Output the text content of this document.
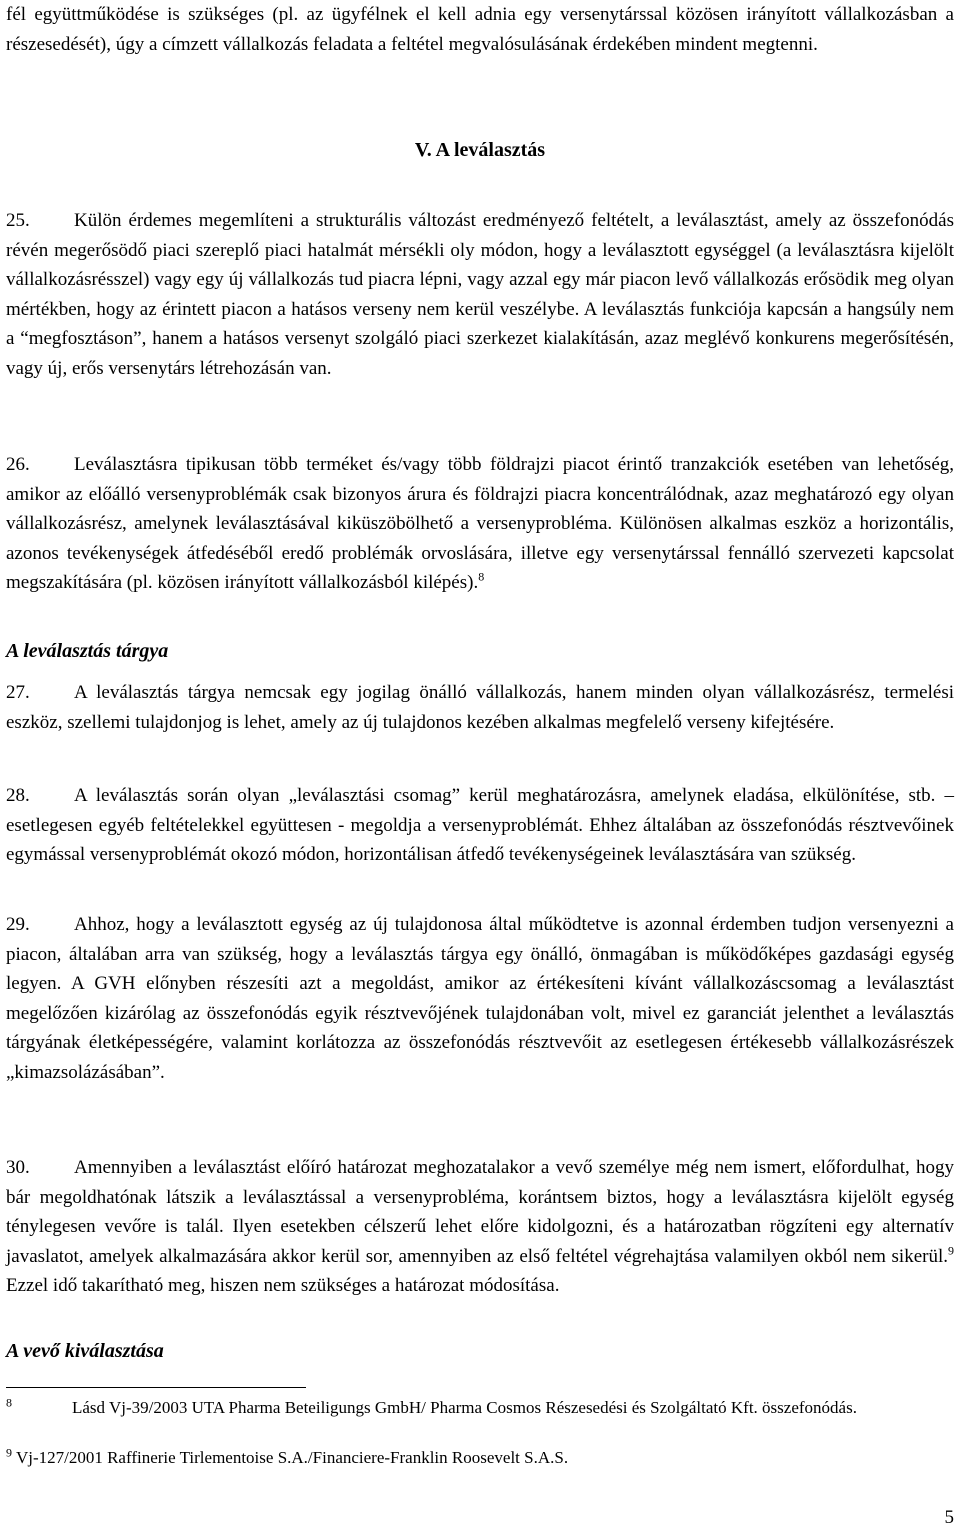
fél együttműködése is szükséges (pl. az ügyfélnek el kell adnia egy versenytárssal közösen irányított vállalkozásban a részesedését), úgy a címzett vállalkozás feladata a feltétel megvalósulásának érdekében mindent megtenni.

V. A leválasztás

25. Külön érdemes megemlíteni a strukturális változást eredményező feltételt, a leválasztást, amely az összefonódás révén megerősödő piaci szereplő piaci hatalmát mérsékli oly módon, hogy a leválasztott egységgel (a leválasztásra kijelölt vállalkozásrésszel) vagy egy új vállalkozás tud piacra lépni, vagy azzal egy már piacon levő vállalkozás erősödik meg olyan mértékben, hogy az érintett piacon a hatásos verseny nem kerül veszélybe. A leválasztás funkciója kapcsán a hangsúly nem a “megfosztáson”, hanem a hatásos versenyt szolgáló piaci szerkezet kialakításán, azaz meglévő konkurens megerősítésén, vagy új, erős versenytárs létrehozásán van.

26. Leválasztásra tipikusan több terméket és/vagy több földrajzi piacot érintő tranzakciók esetében van lehetőség, amikor az előálló versenyproblémák csak bizonyos árura és földrajzi piacra koncentrálódnak, azaz meghatározó egy olyan vállalkozásrész, amelynek leválasztásával kiküszöbölhető a versenyprobléma. Különösen alkalmas eszköz a horizontális, azonos tevékenységek átfedéséből eredő problémák orvoslására, illetve egy versenytárssal fennálló szervezeti kapcsolat megszakítására (pl. közösen irányított vállalkozásból kilépés).$^8$

A leválasztás tárgya

27. A leválasztás tárgya nemcsak egy jogilag önálló vállalkozás, hanem minden olyan vállalkozásrész, termelési eszköz, szellemi tulajdonjog is lehet, amely az új tulajdonos kezében alkalmas megfelelő verseny kifejtésére.

28. A leválasztás során olyan „leválasztási csomag” kerül meghatározásra, amelynek eladása, elkülönítése, stb. – esetlegesen egyéb feltételekkel együttesen - megoldja a versenyproblémát. Ehhez általában az összefonódás résztvevőinek egymással versenyproblémát okozó módon, horizontálisan átfedő tevékenységeinek leválasztására van szükség.

29. Ahhoz, hogy a leválasztott egység az új tulajdonosa által működtetve is azonnal érdemben tudjon versenyezni a piacon, általában arra van szükség, hogy a leválasztás tárgya egy önálló, önmagában is működőképes gazdasági egység legyen. A GVH előnyben részesíti azt a megoldást, amikor az értékesíteni kívánt vállalkozáscsomag a leválasztást megelőzően kizárólag az összefonódás egyik résztvevőjének tulajdonában volt, mivel ez garanciát jelenthet a leválasztás tárgyának életképességére, valamint korlátozza az összefonódás résztvevőit az esetlegesen értékesebb vállalkozásrészek „kimazsolázásában”.

30. Amennyiben a leválasztást előíró határozat meghozatalakor a vevő személye még nem ismert, előfordulhat, hogy bár megoldhatónak látszik a leválasztással a versenyprobléma, korántsem biztos, hogy a leválasztásra kijelölt egység ténylegesen vevőre is talál. Ilyen esetekben célszerű lehet előre kidolgozni, és a határozatban rögzíteni egy alternatív javaslatot, amelyek alkalmazására akkor kerül sor, amennyiben az első feltétel végrehajtása valamilyen okból nem sikerül.$^9$ Ezzel idő takarítható meg, hiszen nem szükséges a határozat módosítása.

A vevő kiválasztása

$^8$	Lásd Vj-39/2003 UTA Pharma Beteiligungs GmbH/ Pharma Cosmos Részesedési és Szolgáltató Kft. összefonódás.

$^9$ Vj-127/2001 Raffinerie Tirlementoise S.A./Financiere-Franklin Roosevelt S.A.S.

5
